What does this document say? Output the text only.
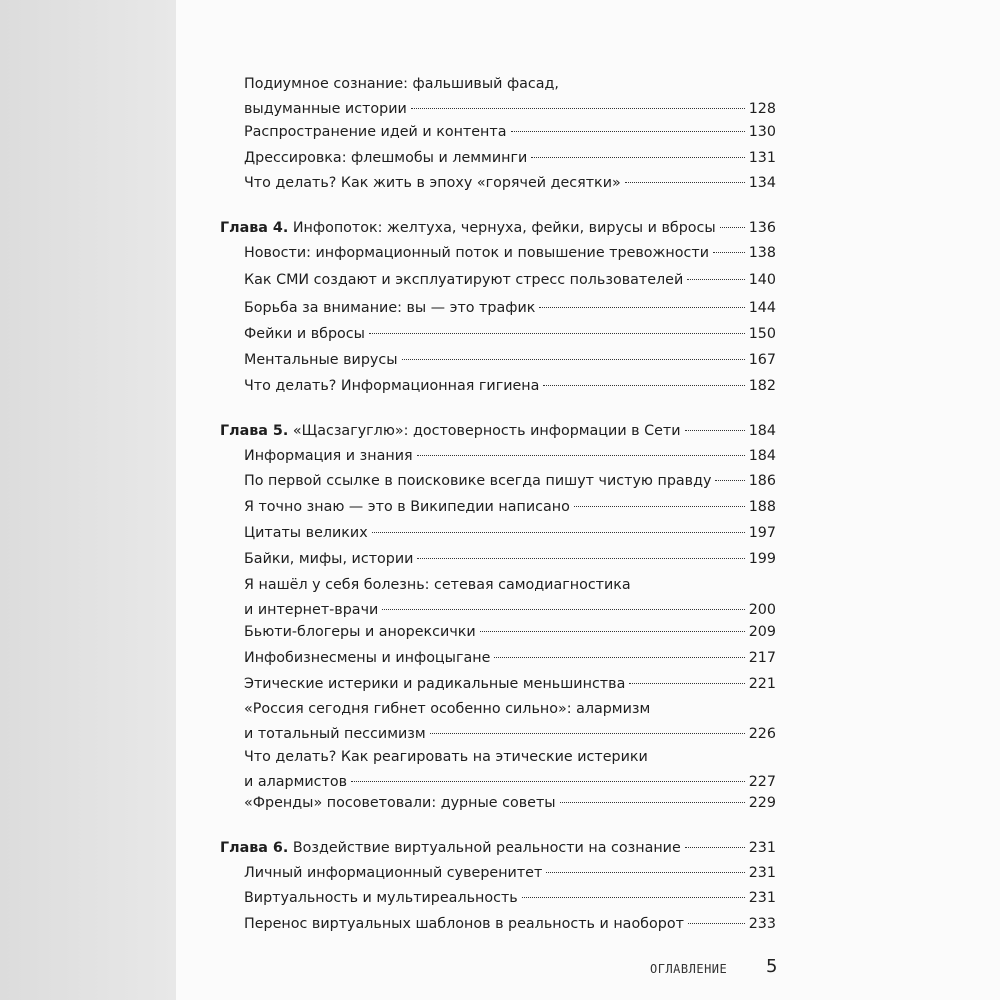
Подиумное сознание: фальшивый фасад,
выдуманные истории	128
Распространение идей и контента	130
Дрессировка: флешмобы и лемминги	131
Что делать? Как жить в эпоху «горячей десятки»	134
Глава 4. Инфопоток: желтуха, чернуха, фейки, вирусы и вбросы 136
Новости: информационный поток и повышение тревожности	138
Как СМИ создают и эксплуатируют стресс пользователей	140
Борьба за внимание: вы — это трафик	144
Фейки и вбросы	150
Ментальные вирусы	167
Что делать? Информационная гигиена	182
Глава 5. «Щасзагуглю»: достоверность информации в Сети	184
Информация и знания	184
По первой ссылке в поисковике всегда пишут чистую правду	186
Я точно знаю — это в Википедии написано	188
Цитаты великих	197
Байки, мифы, истории	199
Я нашёл у себя болезнь: сетевая самодиагностика
и интернет-врачи	200
Бьюти-блогеры и анорексички	209
Инфобизнесмены и инфоцыгане	217
Этические истерики и радикальные меньшинства	221
«Россия сегодня гибнет особенно сильно»: алармизм
и тотальный пессимизм	226
Что делать? Как реагировать на этические истерики
и алармистов	227
«Френды» посоветовали: дурные советы	229
Глава 6. Воздействие виртуальной реальности на сознание	231
Личный информационный суверенитет	231
Виртуальность и мультиреальность	231
Перенос виртуальных шаблонов в реальность и наоборот	233
ОГЛАВЛЕНИЕ 5
